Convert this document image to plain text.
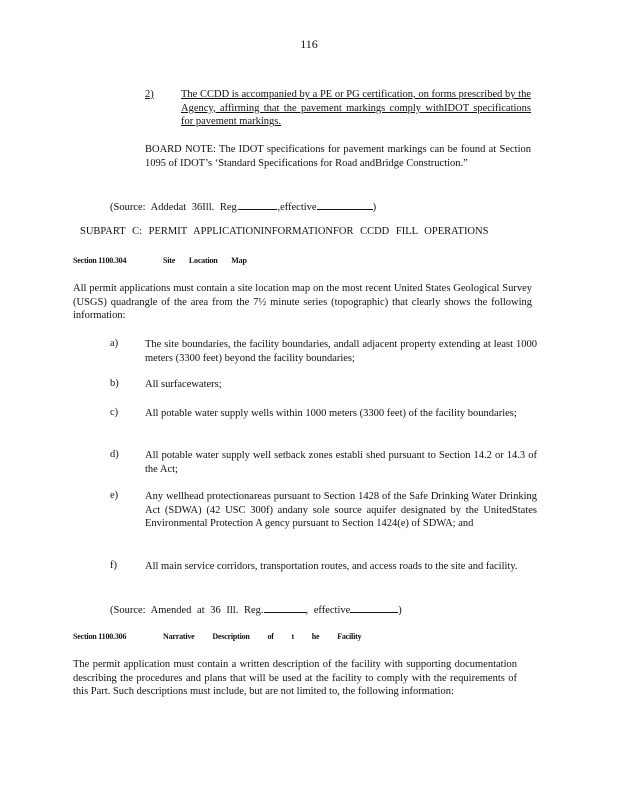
116
2)	The CCDD is accompanied by a PE or PG certification, on forms prescribed by the Agency, affirming that the pavement markings comply withIDOT specifications for pavement markings.
BOARD NOTE: The IDOT specifications for pavement markings can be found at Section 1095 of IDOT’s ‘Standard Specifications for Road andBridge Construction.”
(Source: Addedat 36Ill. Reg.	,effective	)
SUBPART C: PERMIT APPLICATIONINFORMATIONFOR CCDD FILL OPERATIONS
Section 1100.304	Site Location Map
All permit applications must contain a site location map on the most recent United States Geological Survey (USGS) quadrangle of the area from the 7½ minute series (topographic) that clearly shows the following information:
a)	The site boundaries, the facility boundaries, andall adjacent property extending at least 1000 meters (3300 feet) beyond the facility boundaries;
b)	All surfacewaters;
c)	All potable water supply wells within 1000 meters (3300 feet) of the facility boundaries;
d)	All potable water supply well setback zones establi shed pursuant to Section 14.2 or 14.3 of the Act;
e)	Any wellhead protectionareas pursuant to Section 1428 of the Safe Drinking Water Drinking Act (SDWA) (42 USC 300f) andany sole source aquifer designated by the UnitedStates Environmental Protection A gency pursuant to Section 1424(e) of SDWA; and
f)	All main service corridors, transportation routes, and access roads to the site and facility.
(Source: Amended at 36 Ill. Reg.	, effective	)
Section 1100.306	Narrative Description of t he Facility
The permit application must contain a written description of the facility with supporting documentation describing the procedures and plans that will be used at the facility to comply with the requirements of this Part. Such descriptions must include, but are not limited to, the following information:
